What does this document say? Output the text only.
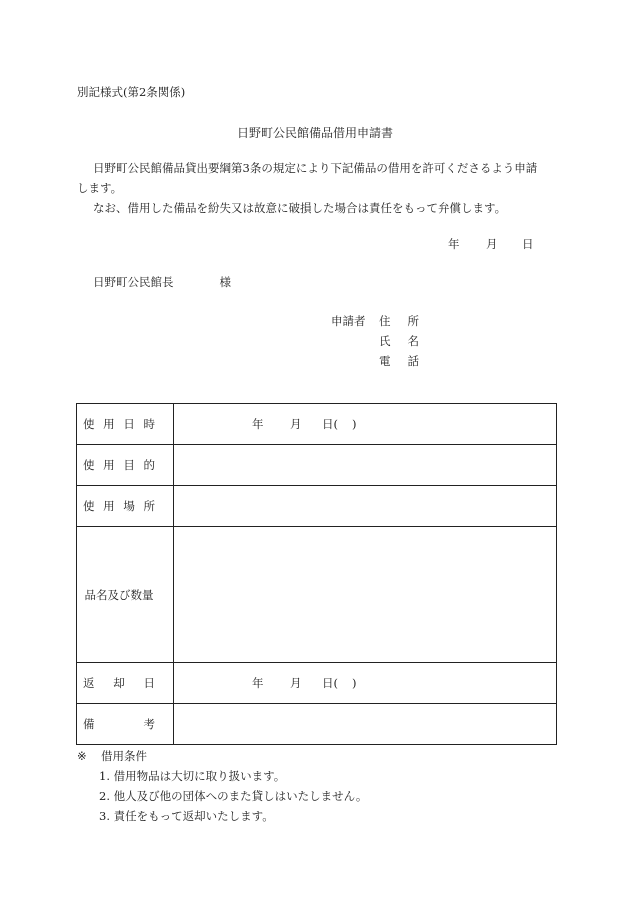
別記様式(第2条関係)
日野町公民館備品借用申請書
日野町公民館備品貸出要綱第3条の規定により下記備品の借用を許可くださるよう申請
します。
なお、借用した備品を紛失又は故意に破損した場合は責任をもって弁償します。
年 月 日
日野町公民館長	様
申請者	住 所
氏 名
電 話
使 用 日 時	年 月 日( )

使 用 目 的	

使 用 場 所	

品名及び数量	

返 却 日	年 月 日( )

備 考	

※ 借用条件
1. 借用物品は大切に取り扱います。
2. 他人及び他の団体へのまた貸しはいたしません。
3. 責任をもって返却いたします。
